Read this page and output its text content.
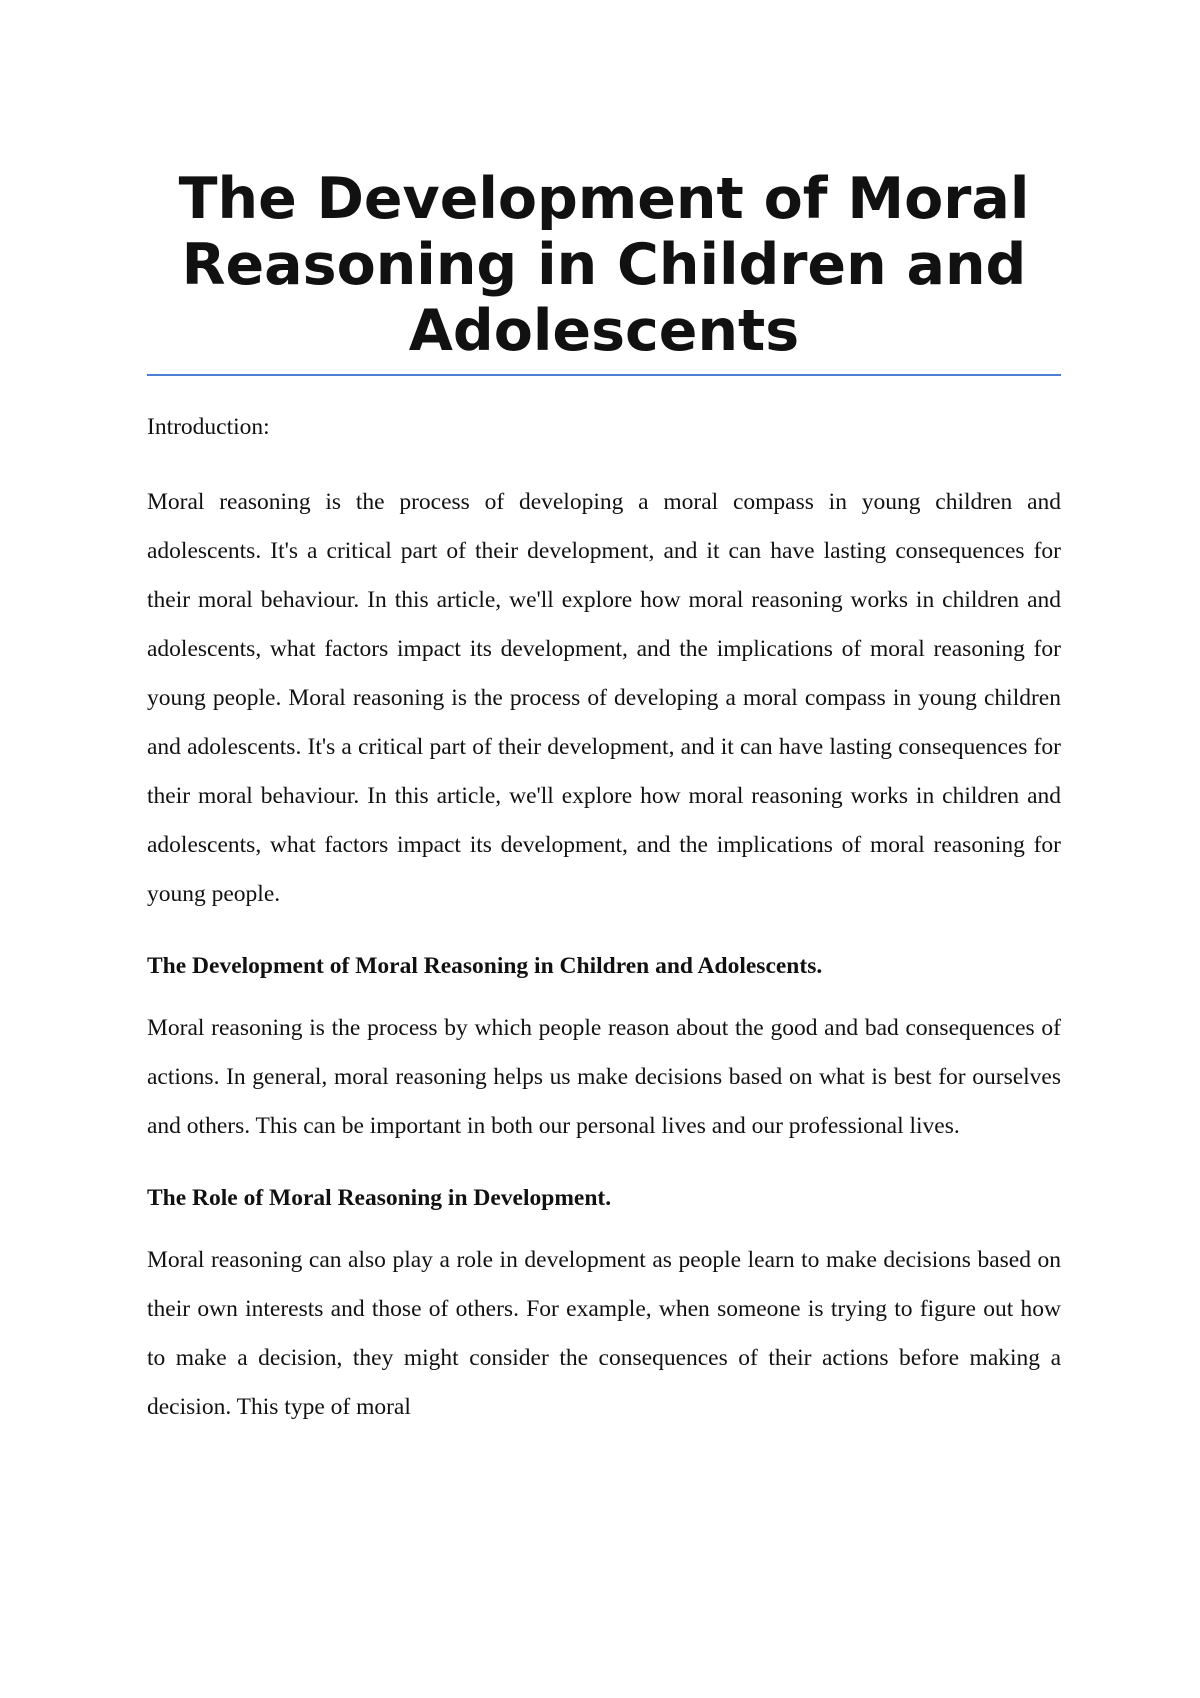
The Development of Moral Reasoning in Children and Adolescents

Introduction:

Moral reasoning is the process of developing a moral compass in young children and adolescents. It's a critical part of their development, and it can have lasting consequences for their moral behaviour. In this article, we'll explore how moral reasoning works in children and adolescents, what factors impact its development, and the implications of moral reasoning for young people. Moral reasoning is the process of developing a moral compass in young children and adolescents. It's a critical part of their development, and it can have lasting consequences for their moral behaviour. In this article, we'll explore how moral reasoning works in children and adolescents, what factors impact its development, and the implications of moral reasoning for young people.

The Development of Moral Reasoning in Children and Adolescents.

Moral reasoning is the process by which people reason about the good and bad consequences of actions. In general, moral reasoning helps us make decisions based on what is best for ourselves and others. This can be important in both our personal lives and our professional lives.

The Role of Moral Reasoning in Development.

Moral reasoning can also play a role in development as people learn to make decisions based on their own interests and those of others. For example, when someone is trying to figure out how to make a decision, they might consider the consequences of their actions before making a decision. This type of moral
